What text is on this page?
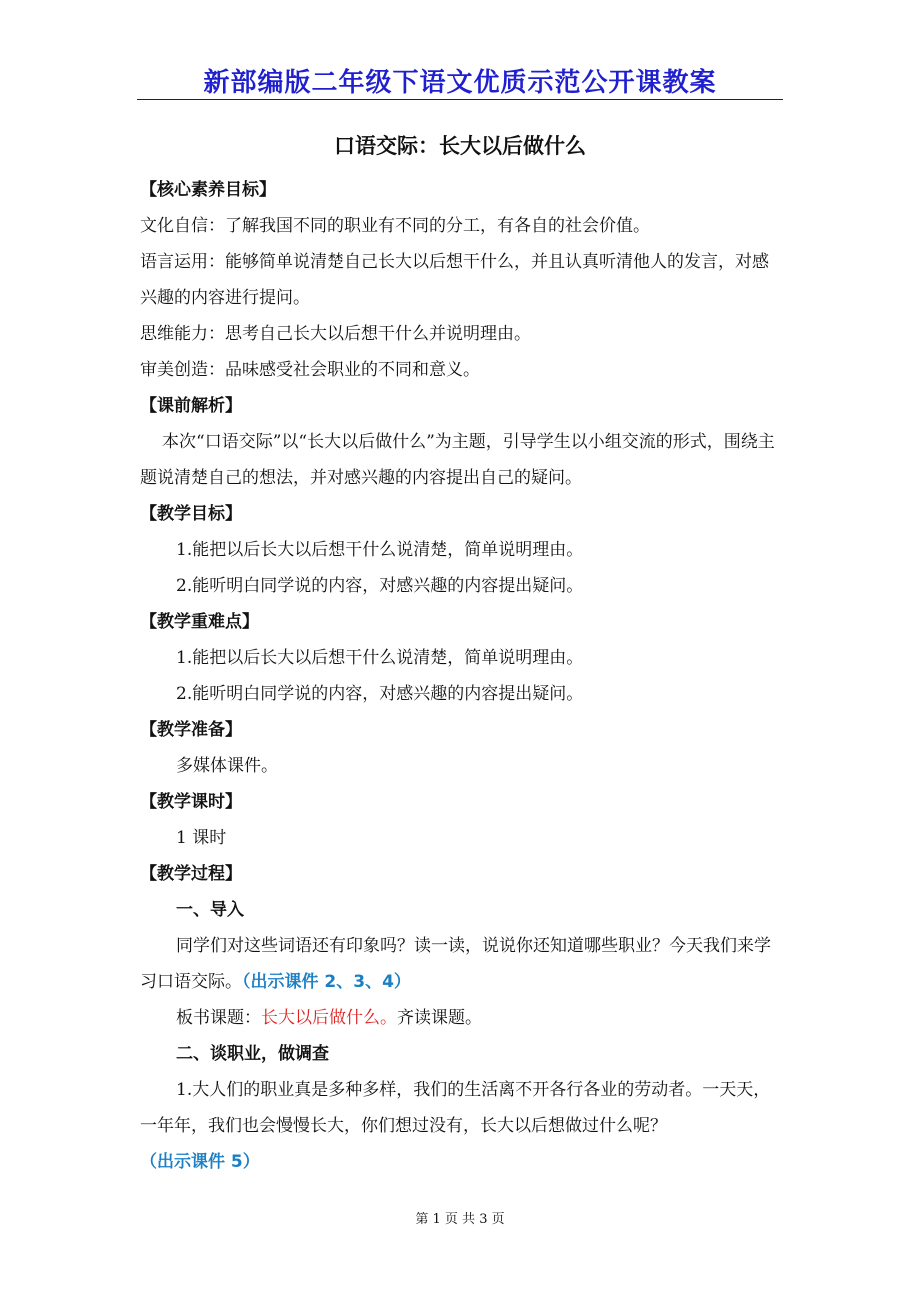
新部编版二年级下语文优质示范公开课教案
口语交际：长大以后做什么

【核心素养目标】

文化自信：了解我国不同的职业有不同的分工，有各自的社会价值。

语言运用：能够简单说清楚自己长大以后想干什么，并且认真听清他人的发言，对感兴趣的内容进行提问。

思维能力：思考自己长大以后想干什么并说明理由。

审美创造：品味感受社会职业的不同和意义。

【课前解析】

本次“口语交际”以“长大以后做什么”为主题，引导学生以小组交流的形式，围绕主题说清楚自己的想法，并对感兴趣的内容提出自己的疑问。

【教学目标】

1.能把以后长大以后想干什么说清楚，简单说明理由。

2.能听明白同学说的内容，对感兴趣的内容提出疑问。

【教学重难点】

1.能把以后长大以后想干什么说清楚，简单说明理由。

2.能听明白同学说的内容，对感兴趣的内容提出疑问。

【教学准备】

多媒体课件。

【教学课时】

1 课时

【教学过程】

一、导入

同学们对这些词语还有印象吗？读一读，说说你还知道哪些职业？今天我们来学习口语交际。（出示课件 2、3、4）

板书课题：长大以后做什么。齐读课题。

二、谈职业，做调查

1.大人们的职业真是多种多样，我们的生活离不开各行各业的劳动者。一天天，一年年，我们也会慢慢长大，你们想过没有，长大以后想做过什么呢？（出示课件 5）

第 1 页 共 3 页
